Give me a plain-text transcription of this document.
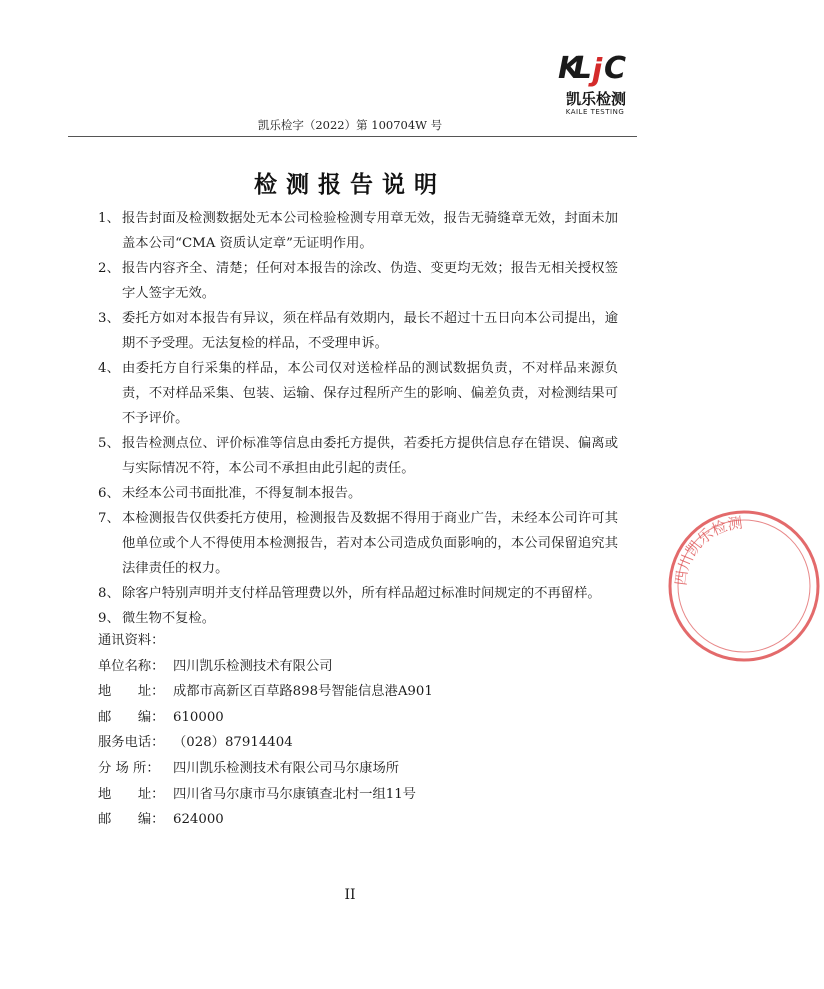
KL j C
凯乐检测
KAILE TESTING
凯乐检字（2022）第 100704W 号
检测报告说明
1、 报告封面及检测数据处无本公司检验检测专用章无效，报告无骑缝章无效，封面未加盖本公司“CMA 资质认定章”无证明作用。
2、 报告内容齐全、清楚；任何对本报告的涂改、伪造、变更均无效；报告无相关授权签字人签字无效。
3、 委托方如对本报告有异议，须在样品有效期内，最长不超过十五日向本公司提出，逾期不予受理。无法复检的样品，不受理申诉。
4、 由委托方自行采集的样品，本公司仅对送检样品的测试数据负责，不对样品来源负责，不对样品采集、包装、运输、保存过程所产生的影响、偏差负责，对检测结果可不予评价。
5、 报告检测点位、评价标准等信息由委托方提供，若委托方提供信息存在错误、偏离或与实际情况不符，本公司不承担由此引起的责任。
6、 未经本公司书面批准，不得复制本报告。
7、 本检测报告仅供委托方使用，检测报告及数据不得用于商业广告，未经本公司许可其他单位或个人不得使用本检测报告，若对本公司造成负面影响的，本公司保留追究其法律责任的权力。
8、 除客户特别声明并支付样品管理费以外，所有样品超过标准时间规定的不再留样。
9、 微生物不复检。
通讯资料：
单位名称： 四川凯乐检测技术有限公司
地　　址： 成都市高新区百草路898号智能信息港A901
邮　　编： 610000
服务电话： （028）87914404
分 场 所： 四川凯乐检测技术有限公司马尔康场所
地　　址： 四川省马尔康市马尔康镇查北村一组11号
邮　　编： 624000
II
四川凯乐检测
